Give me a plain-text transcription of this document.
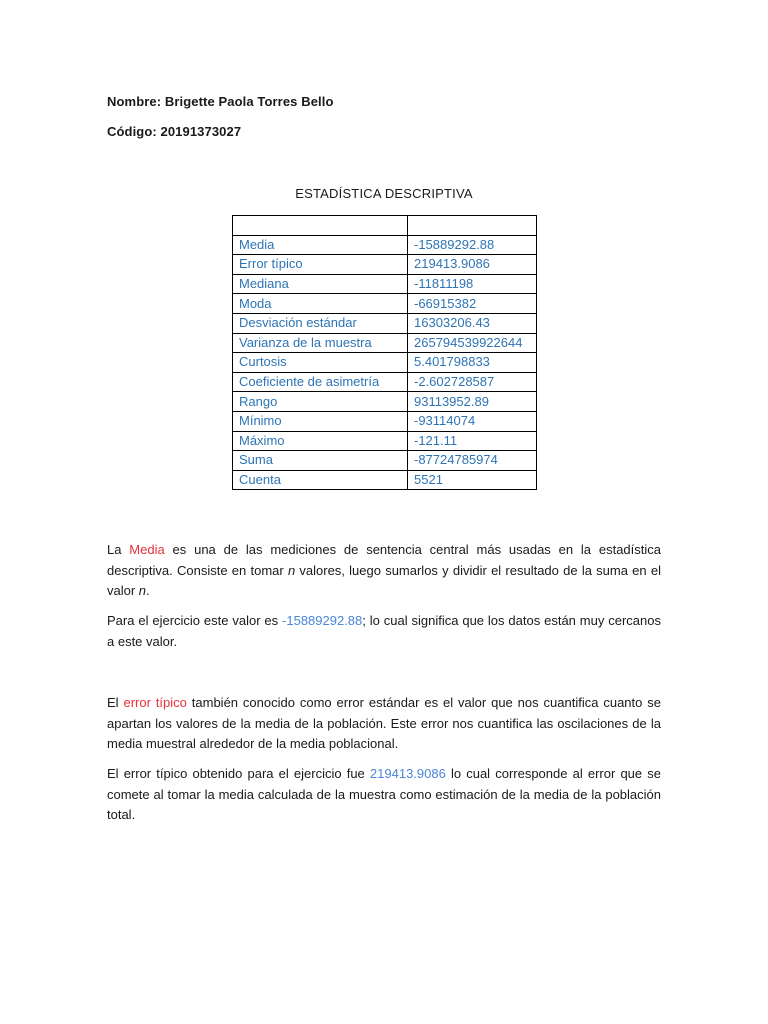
Nombre: Brigette Paola Torres Bello
Código: 20191373027
ESTADÍSTICA DESCRIPTIVA

Media	-15889292.88
Error típico	219413.9086
Mediana	-11811198
Moda	-66915382
Desviación estándar	16303206.43
Varianza de la muestra	265794539922644
Curtosis	5.401798833
Coeficiente de asimetría	-2.602728587
Rango	93113952.89
Mínimo	-93114074
Máximo	-121.11
Suma	-87724785974
Cuenta	5521

La Media es una de las mediciones de sentencia central más usadas en la estadística descriptiva. Consiste en tomar n valores, luego sumarlos y dividir el resultado de la suma en el valor n.

Para el ejercicio este valor es -15889292.88; lo cual significa que los datos están muy cercanos a este valor.

El error típico también conocido como error estándar es el valor que nos cuantifica cuanto se apartan los valores de la media de la población. Este error nos cuantifica las oscilaciones de la media muestral alrededor de la media poblacional.

El error típico obtenido para el ejercicio fue 219413.9086 lo cual corresponde al error que se comete al tomar la media calculada de la muestra como estimación de la media de la población total.
